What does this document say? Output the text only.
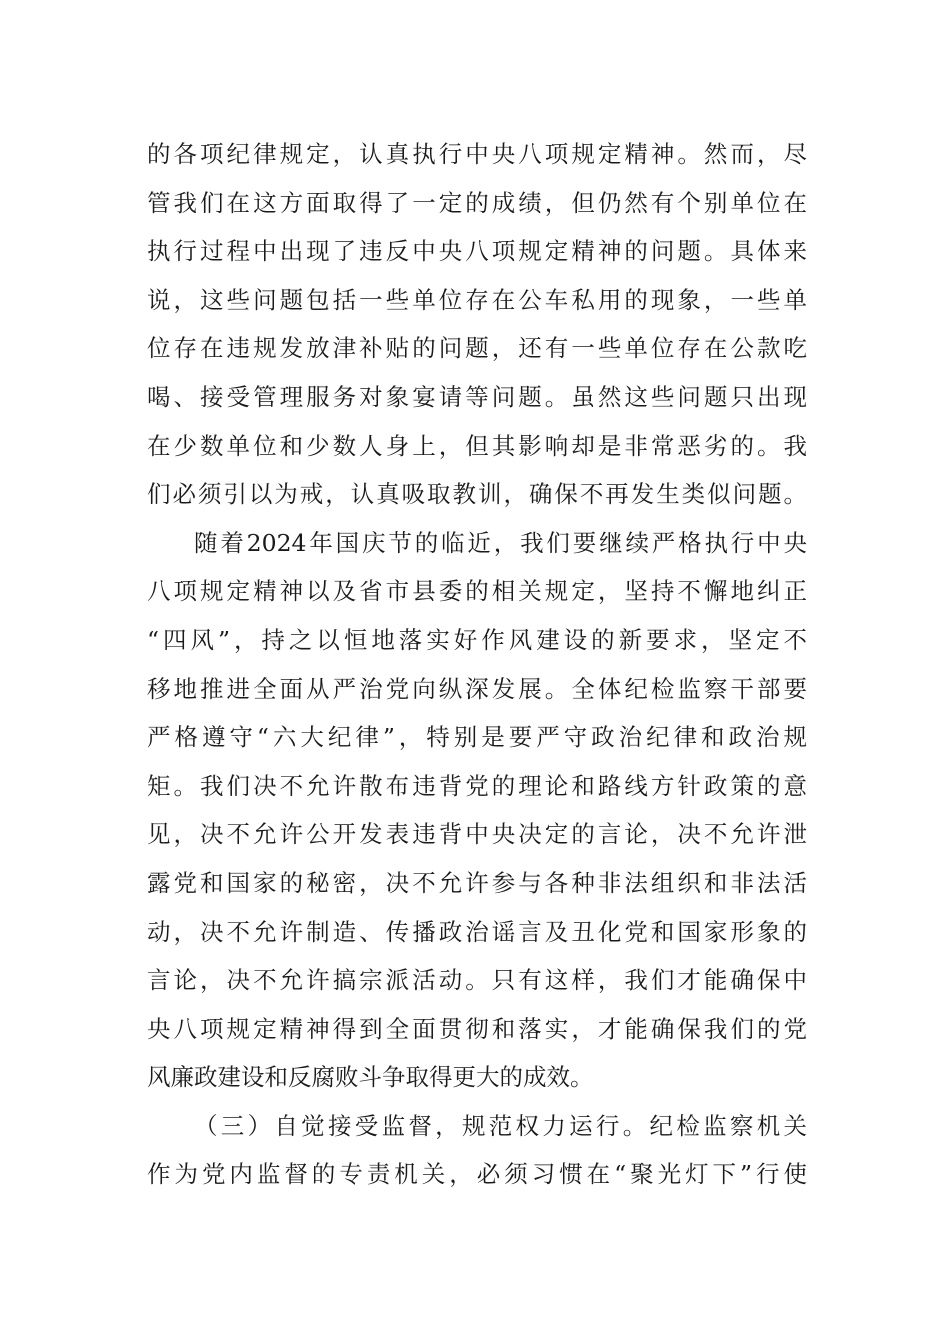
的各项纪律规定，认真执行中央八项规定精神。然而，尽
管我们在这方面取得了一定的成绩，但仍然有个别单位在
执行过程中出现了违反中央八项规定精神的问题。具体来
说，这些问题包括一些单位存在公车私用的现象，一些单
位存在违规发放津补贴的问题，还有一些单位存在公款吃
喝、接受管理服务对象宴请等问题。虽然这些问题只出现
在少数单位和少数人身上，但其影响却是非常恶劣的。我
们必须引以为戒，认真吸取教训，确保不再发生类似问题。
随着2024年国庆节的临近，我们要继续严格执行中央
八项规定精神以及省市县委的相关规定，坚持不懈地纠正
“四风”，持之以恒地落实好作风建设的新要求，坚定不
移地推进全面从严治党向纵深发展。全体纪检监察干部要
严格遵守“六大纪律”，特别是要严守政治纪律和政治规
矩。我们决不允许散布违背党的理论和路线方针政策的意
见，决不允许公开发表违背中央决定的言论，决不允许泄
露党和国家的秘密，决不允许参与各种非法组织和非法活
动，决不允许制造、传播政治谣言及丑化党和国家形象的
言论，决不允许搞宗派活动。只有这样，我们才能确保中
央八项规定精神得到全面贯彻和落实，才能确保我们的党
风廉政建设和反腐败斗争取得更大的成效。
（三）自觉接受监督，规范权力运行。纪检监察机关
作为党内监督的专责机关，必须习惯在“聚光灯下”行使
